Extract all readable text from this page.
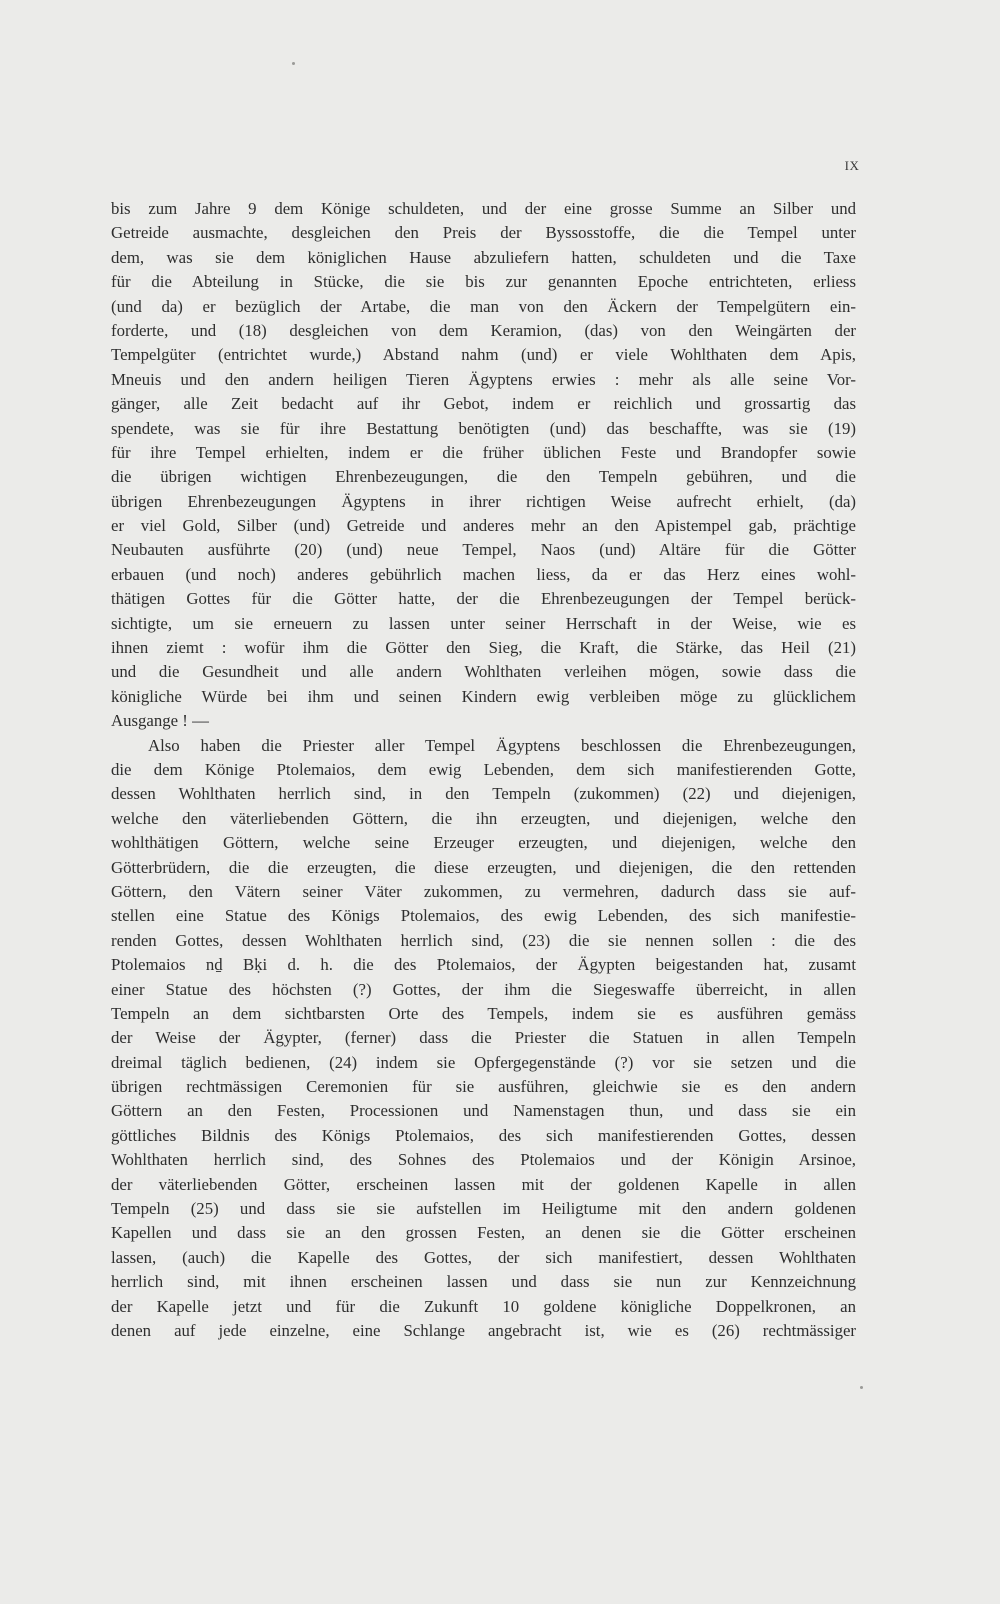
IX
bis zum Jahre 9 dem Könige schuldeten, und der eine grosse Summe an Silber und
Getreide ausmachte, desgleichen den Preis der Byssosstoffe, die die Tempel unter
dem, was sie dem königlichen Hause abzuliefern hatten, schuldeten und die Taxe
für die Abteilung in Stücke, die sie bis zur genannten Epoche entrichteten, erliess
(und da) er bezüglich der Artabe, die man von den Äckern der Tempelgütern ein-
forderte, und (18) desgleichen von dem Keramion, (das) von den Weingärten der
Tempelgüter (entrichtet wurde,) Abstand nahm (und) er viele Wohlthaten dem Apis,
Mneuis und den andern heiligen Tieren Ägyptens erwies : mehr als alle seine Vor-
gänger, alle Zeit bedacht auf ihr Gebot, indem er reichlich und grossartig das
spendete, was sie für ihre Bestattung benötigten (und) das beschaffte, was sie (19)
für ihre Tempel erhielten, indem er die früher üblichen Feste und Brandopfer sowie
die übrigen wichtigen Ehrenbezeugungen, die den Tempeln gebühren, und die
übrigen Ehrenbezeugungen Ägyptens in ihrer richtigen Weise aufrecht erhielt, (da)
er viel Gold, Silber (und) Getreide und anderes mehr an den Apistempel gab, prächtige
Neubauten ausführte (20) (und) neue Tempel, Naos (und) Altäre für die Götter
erbauen (und noch) anderes gebührlich machen liess, da er das Herz eines wohl-
thätigen Gottes für die Götter hatte, der die Ehrenbezeugungen der Tempel berück-
sichtigte, um sie erneuern zu lassen unter seiner Herrschaft in der Weise, wie es
ihnen ziemt : wofür ihm die Götter den Sieg, die Kraft, die Stärke, das Heil (21)
und die Gesundheit und alle andern Wohlthaten verleihen mögen, sowie dass die
königliche Würde bei ihm und seinen Kindern ewig verbleiben möge zu glücklichem
Ausgange ! —
Also haben die Priester aller Tempel Ägyptens beschlossen die Ehrenbezeugungen,
die dem Könige Ptolemaios, dem ewig Lebenden, dem sich manifestierenden Gotte,
dessen Wohlthaten herrlich sind, in den Tempeln (zukommen) (22) und diejenigen,
welche den väterliebenden Göttern, die ihn erzeugten, und diejenigen, welche den
wohlthätigen Göttern, welche seine Erzeuger erzeugten, und diejenigen, welche den
Götterbrüdern, die die erzeugten, die diese erzeugten, und diejenigen, die den rettenden
Göttern, den Vätern seiner Väter zukommen, zu vermehren, dadurch dass sie auf-
stellen eine Statue des Königs Ptolemaios, des ewig Lebenden, des sich manifestie-
renden Gottes, dessen Wohlthaten herrlich sind, (23) die sie nennen sollen : die des
Ptolemaios nḏ Bḳi d. h. die des Ptolemaios, der Ägypten beigestanden hat, zusamt
einer Statue des höchsten (?) Gottes, der ihm die Siegeswaffe überreicht, in allen
Tempeln an dem sichtbarsten Orte des Tempels, indem sie es ausführen gemäss
der Weise der Ägypter, (ferner) dass die Priester die Statuen in allen Tempeln
dreimal täglich bedienen, (24) indem sie Opfergegenstände (?) vor sie setzen und die
übrigen rechtmässigen Ceremonien für sie ausführen, gleichwie sie es den andern
Göttern an den Festen, Processionen und Namenstagen thun, und dass sie ein
göttliches Bildnis des Königs Ptolemaios, des sich manifestierenden Gottes, dessen
Wohlthaten herrlich sind, des Sohnes des Ptolemaios und der Königin Arsinoe,
der väterliebenden Götter, erscheinen lassen mit der goldenen Kapelle in allen
Tempeln (25) und dass sie sie aufstellen im Heiligtume mit den andern goldenen
Kapellen und dass sie an den grossen Festen, an denen sie die Götter erscheinen
lassen, (auch) die Kapelle des Gottes, der sich manifestiert, dessen Wohlthaten
herrlich sind, mit ihnen erscheinen lassen und dass sie nun zur Kennzeichnung
der Kapelle jetzt und für die Zukunft 10 goldene königliche Doppelkronen, an
denen auf jede einzelne, eine Schlange angebracht ist, wie es (26) rechtmässiger
